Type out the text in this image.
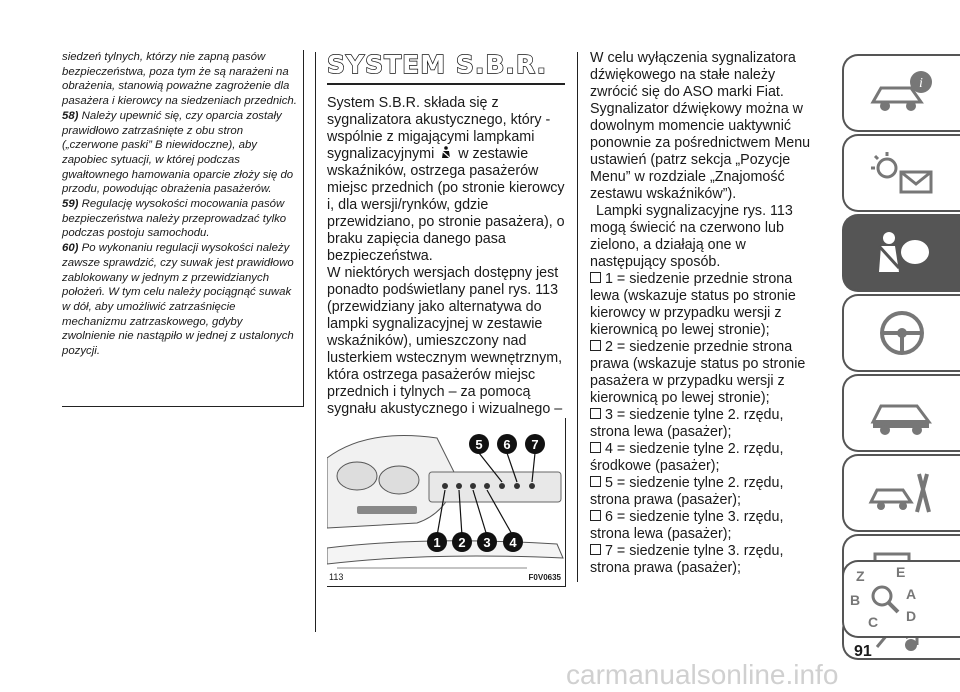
siedzeń tylnych, którzy nie zapną pasów bezpieczeństwa, poza tym że są narażeni na obrażenia, stanowią poważne zagrożenie dla pasażera i kierowcy na siedzeniach przednich.

58) Należy upewnić się, czy oparcia zostały prawidłowo zatrzaśnięte z obu stron („czerwone paski” B niewidoczne), aby zapobiec sytuacji, w której podczas gwałtownego hamowania oparcie złoży się do przodu, powodując obrażenia pasażerów.

59) Regulację wysokości mocowania pasów bezpieczeństwa należy przeprowadzać tylko podczas postoju samochodu.

60) Po wykonaniu regulacji wysokości należy zawsze sprawdzić, czy suwak jest prawidłowo zablokowany w jednym z przewidzianych położeń. W tym celu należy pociągnąć suwak w dół, aby umożliwić zatrzaśnięcie mechanizmu zatrzaskowego, gdyby zwolnienie nie nastąpiło w jednej z ustalonych pozycji.

SYSTEM S.B.R.

System S.B.R. składa się z sygnalizatora akustycznego, który - wspólnie z migającymi lampkami sygnalizacyjnymi w zestawie wskaźników, ostrzega pasażerów miejsc przednich (po stronie kierowcy i, dla wersji/rynków, gdzie przewidziano, po stronie pasażera), o braku zapięcia danego pasa bezpieczeństwa.

W niektórych wersjach dostępny jest ponadto podświetlany panel rys. 113 (przewidziany jako alternatywa do lampki sygnalizacyjnej w zestawie wskaźników), umieszczony nad lusterkiem wstecznym wewnętrznym, która ostrzega pasażerów miejsc przednich i tylnych – za pomocą sygnału akustycznego i wizualnego –

1 2 3 4
5 6 7
113	F0V0635

W celu wyłączenia sygnalizatora dźwiękowego na stałe należy zwrócić się do ASO marki Fiat.

Sygnalizator dźwiękowy można w dowolnym momencie uaktywnić ponownie za pośrednictwem Menu ustawień (patrz sekcja „Pozycje Menu” w rozdziale „Znajomość zestawu wskaźników”).

Lampki sygnalizacyjne rys. 113 mogą świecić na czerwono lub zielono, a działają one w następujący sposób.

1 = siedzenie przednie strona lewa (wskazuje status po stronie kierowcy w przypadku wersji z kierownicą po lewej stronie);
2 = siedzenie przednie strona prawa (wskazuje status po stronie pasażera w przypadku wersji z kierownicą po lewej stronie);
3 = siedzenie tylne 2. rzędu, strona lewa (pasażer);
4 = siedzenie tylne 2. rzędu, środkowe (pasażer);
5 = siedzenie tylne 2. rzędu, strona prawa (pasażer);
6 = siedzenie tylne 3. rzędu, strona lewa (pasażer);
7 = siedzenie tylne 3. rzędu, strona prawa (pasażer);
i
Z E
B	A
C D
91
carmanualsonline.info
